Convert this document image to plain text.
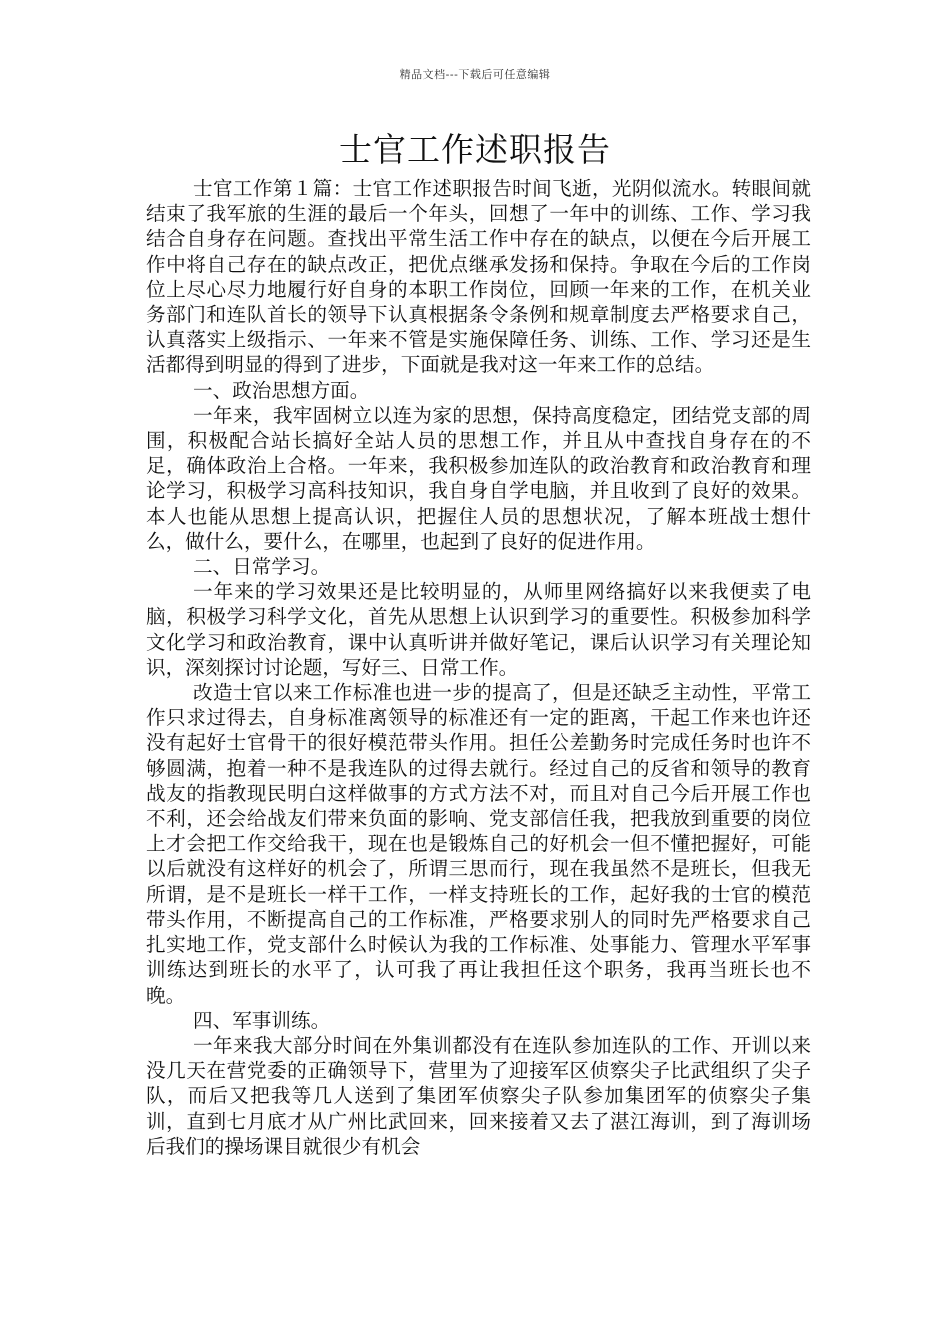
精品文档---下载后可任意编辑
士官工作述职报告

士官工作第１篇：士官工作述职报告时间飞逝，光阴似流水。转眼间就结束了我军旅的生涯的最后一个年头，回想了一年中的训练、工作、学习我结合自身存在问题。查找出平常生活工作中存在的缺点，以便在今后开展工作中将自己存在的缺点改正，把优点继承发扬和保持。争取在今后的工作岗位上尽心尽力地履行好自身的本职工作岗位，回顾一年来的工作，在机关业务部门和连队首长的领导下认真根据条令条例和规章制度去严格要求自己，认真落实上级指示、一年来不管是实施保障任务、训练、工作、学习还是生活都得到明显的得到了进步，下面就是我对这一年来工作的总结。

一、政治思想方面。

一年来，我牢固树立以连为家的思想，保持高度稳定，团结党支部的周围，积极配合站长搞好全站人员的思想工作，并且从中查找自身存在的不足，确体政治上合格。一年来，我积极参加连队的政治教育和政治教育和理论学习，积极学习高科技知识，我自身自学电脑，并且收到了良好的效果。本人也能从思想上提高认识，把握住人员的思想状况，了解本班战士想什么，做什么，要什么，在哪里，也起到了良好的促进作用。

二、日常学习。

一年来的学习效果还是比较明显的，从师里网络搞好以来我便卖了电脑，积极学习科学文化，首先从思想上认识到学习的重要性。积极参加科学文化学习和政治教育，课中认真听讲并做好笔记，课后认识学习有关理论知识，深刻探讨讨论题，写好三、日常工作。

改造士官以来工作标准也进一步的提高了，但是还缺乏主动性，平常工作只求过得去，自身标准离领导的标准还有一定的距离，干起工作来也许还没有起好士官骨干的很好模范带头作用。担任公差勤务时完成任务时也许不够圆满，抱着一种不是我连队的过得去就行。经过自己的反省和领导的教育战友的指教现民明白这样做事的方式方法不对，而且对自己今后开展工作也不利，还会给战友们带来负面的影响、党支部信任我，把我放到重要的岗位上才会把工作交给我干，现在也是锻炼自己的好机会一但不懂把握好，可能以后就没有这样好的机会了，所谓三思而行，现在我虽然不是班长，但我无所谓，是不是班长一样干工作，一样支持班长的工作，起好我的士官的模范带头作用，不断提高自己的工作标准，严格要求别人的同时先严格要求自己扎实地工作，党支部什么时候认为我的工作标准、处事能力、管理水平军事训练达到班长的水平了，认可我了再让我担任这个职务，我再当班长也不晚。

四、军事训练。

一年来我大部分时间在外集训都没有在连队参加连队的工作、开训以来没几天在营党委的正确领导下，营里为了迎接军区侦察尖子比武组织了尖子队，而后又把我等几人送到了集团军侦察尖子队参加集团军的侦察尖子集训，直到七月底才从广州比武回来，回来接着又去了湛江海训，到了海训场后我们的操场课目就很少有机会
